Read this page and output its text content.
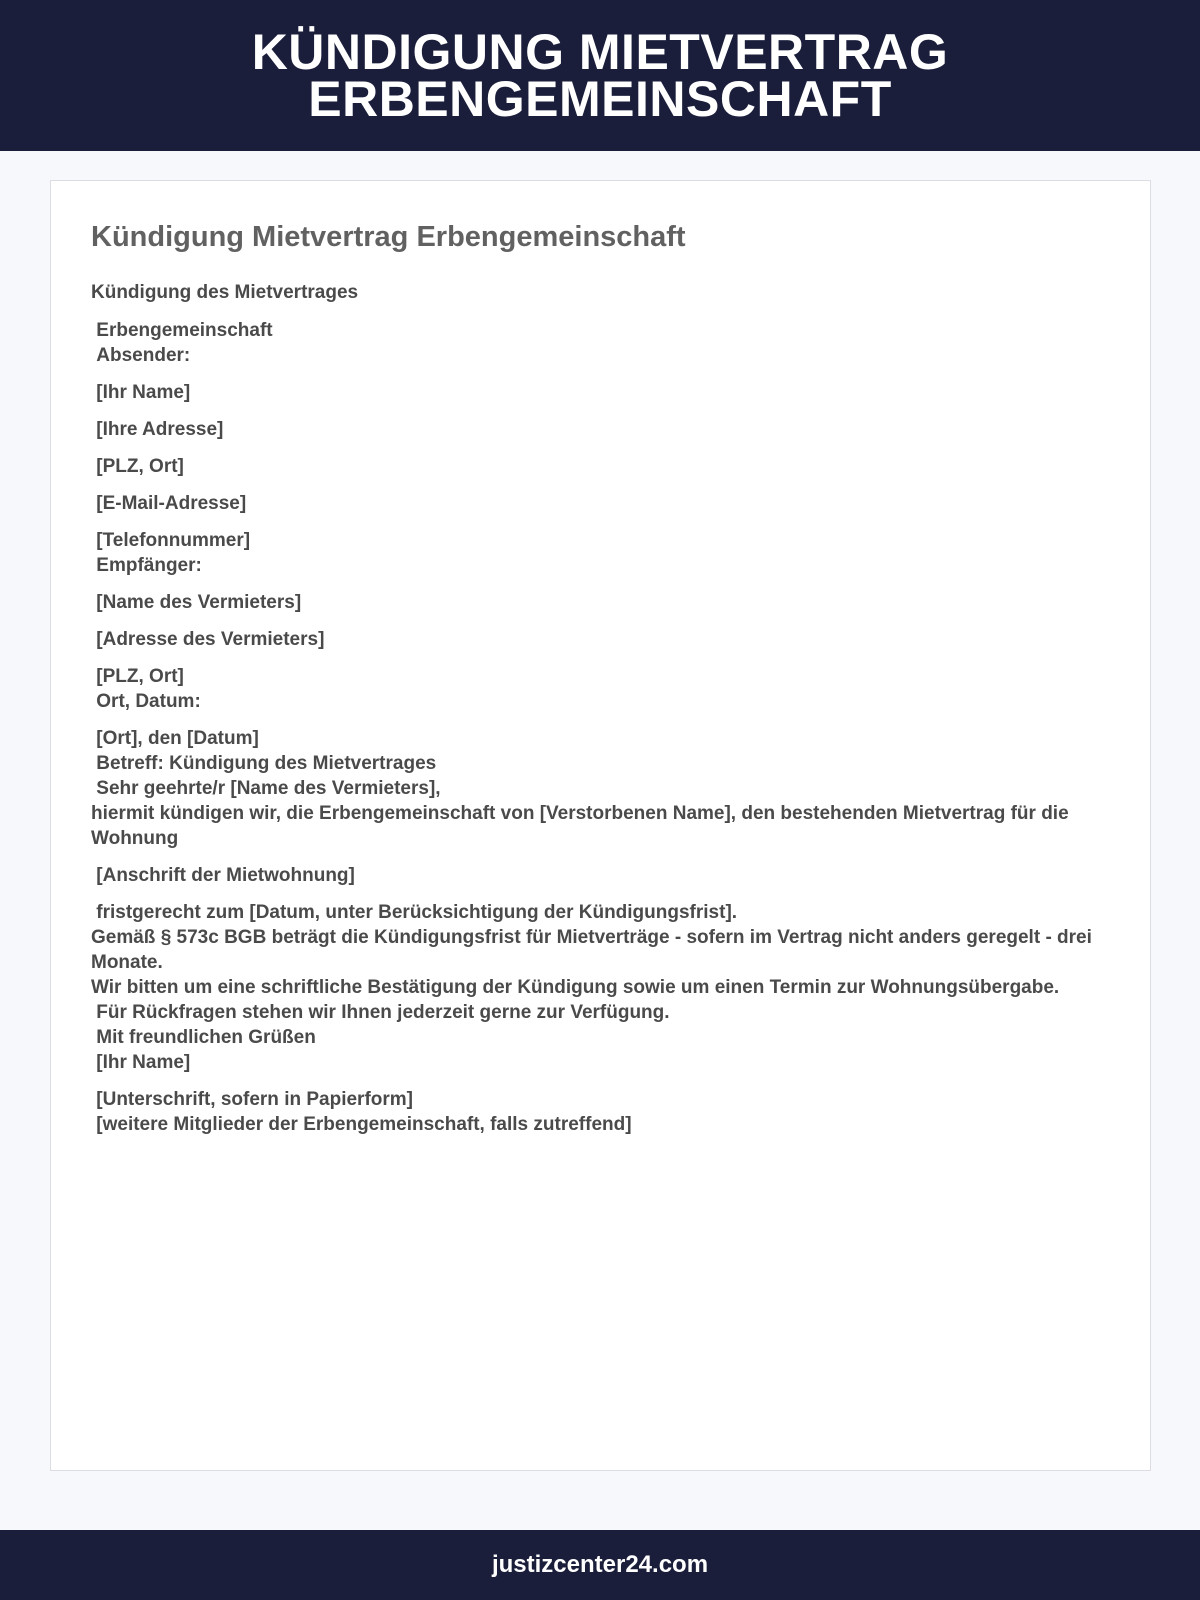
KÜNDIGUNG MIETVERTRAG ERBENGEMEINSCHAFT
Kündigung Mietvertrag Erbengemeinschaft
Kündigung des Mietvertrages
Erbengemeinschaft
Absender:
[Ihr Name]
[Ihre Adresse]
[PLZ, Ort]
[E-Mail-Adresse]
[Telefonnummer]
Empfänger:
[Name des Vermieters]
[Adresse des Vermieters]
[PLZ, Ort]
Ort, Datum:
[Ort], den [Datum]
Betreff: Kündigung des Mietvertrages
Sehr geehrte/r [Name des Vermieters],
hiermit kündigen wir, die Erbengemeinschaft von [Verstorbenen Name], den bestehenden Mietvertrag für die Wohnung
[Anschrift der Mietwohnung]
fristgerecht zum [Datum, unter Berücksichtigung der Kündigungsfrist].
Gemäß § 573c BGB beträgt die Kündigungsfrist für Mietverträge - sofern im Vertrag nicht anders geregelt - drei Monate.
Wir bitten um eine schriftliche Bestätigung der Kündigung sowie um einen Termin zur Wohnungsübergabe.
Für Rückfragen stehen wir Ihnen jederzeit gerne zur Verfügung.
Mit freundlichen Grüßen
[Ihr Name]
[Unterschrift, sofern in Papierform]
[weitere Mitglieder der Erbengemeinschaft, falls zutreffend]
justizcenter24.com
